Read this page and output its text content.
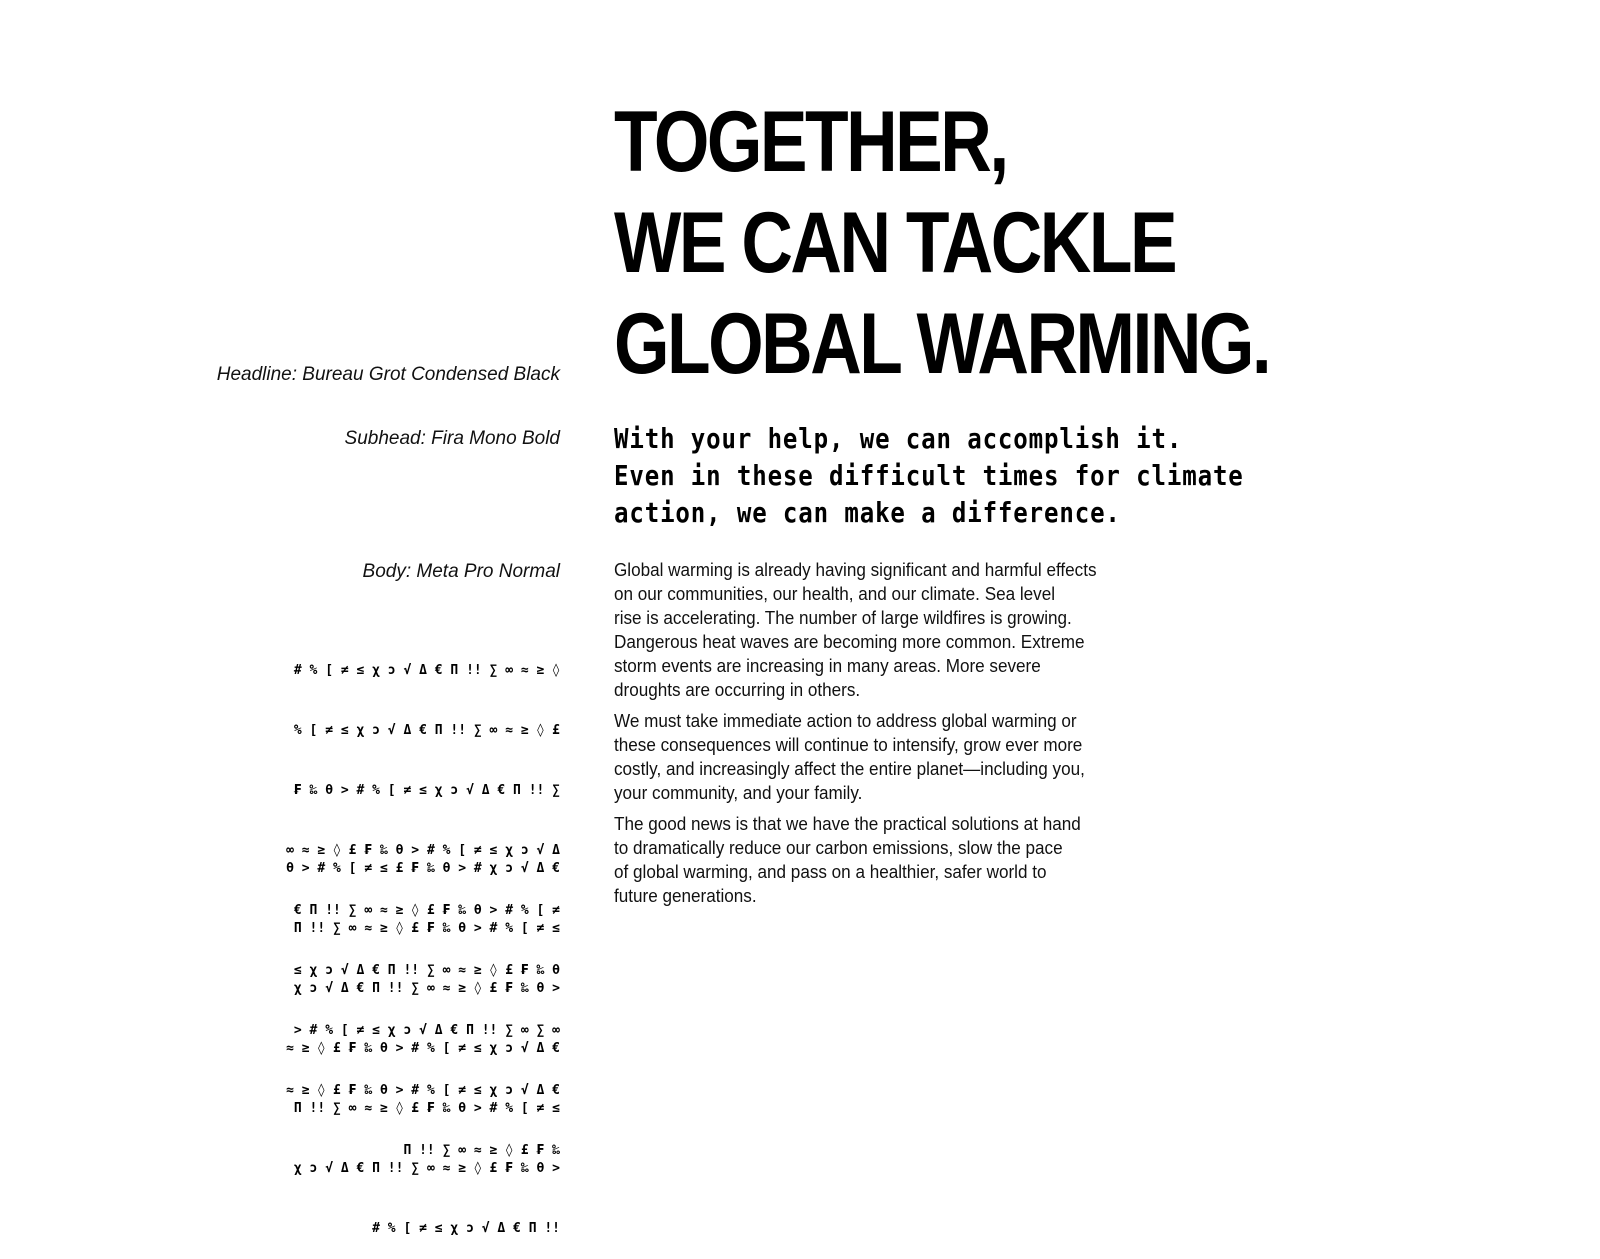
Headline: Bureau Grot Condensed Black
Subhead: Fira Mono Bold
Body: Meta Pro Normal

# % [ ≠ ≤ χ ɔ √ Δ € Π !! ∑ ∞ ≈ ≥ ◊

% [ ≠ ≤ χ ɔ √ Δ € Π !! ∑ ∞ ≈ ≥ ◊ £

₣ ‰ θ > # % [ ≠ ≤ χ ɔ √ Δ € Π !! ∑

∞ ≈ ≥ ◊ £ ₣ ‰ θ > # % [ ≠ ≤ χ ɔ √ Δ

€ Π !! ∑ ∞ ≈ ≥ ◊ £ ₣ ‰ θ > # % [ ≠

≤ χ ɔ √ Δ € Π !! ∑ ∞ ≈ ≥ ◊ £ ₣ ‰ θ

> # % [ ≠ ≤ χ ɔ √ Δ € Π !! ∑ ∞ ∑ ∞

≈ ≥ ◊ £ ₣ ‰ θ > # % [ ≠ ≤ χ ɔ √ Δ €

Π !! ∑ ∞ ≈ ≥ ◊ £ ₣ ‰

θ > # % [ ≠ ≤ £ ₣ ‰ θ > # χ ɔ √ Δ €

Π !! ∑ ∞ ≈ ≥ ◊ £ ₣ ‰ θ > # % [ ≠ ≤

χ ɔ √ Δ € Π !! ∑ ∞ ≈ ≥ ◊ £ ₣ ‰ θ >

≈ ≥ ◊ £ ₣ ‰ θ > # % [ ≠ ≤ χ ɔ √ Δ €

Π !! ∑ ∞ ≈ ≥ ◊ £ ₣ ‰ θ > # % [ ≠ ≤

χ ɔ √ Δ € Π !! ∑ ∞ ≈ ≥ ◊ £ ₣ ‰ θ >

# % [ ≠ ≤ χ ɔ √ Δ € Π !!

TOGETHER,
WE CAN TACKLE
GLOBAL WARMING.
With your help, we can accomplish it.
Even in these difficult times for climate
action, we can make a difference.

Global warming is already having significant and harmful effects
on our communities, our health, and our climate. Sea level
rise is accelerating. The number of large wildfires is growing.
Dangerous heat waves are becoming more common. Extreme
storm events are increasing in many areas. More severe
droughts are occurring in others.

We must take immediate action to address global warming or
these consequences will continue to intensify, grow ever more
costly, and increasingly affect the entire planet—including you,
your community, and your family.

The good news is that we have the practical solutions at hand
to dramatically reduce our carbon emissions, slow the pace
of global warming, and pass on a healthier, safer world to
future generations.
